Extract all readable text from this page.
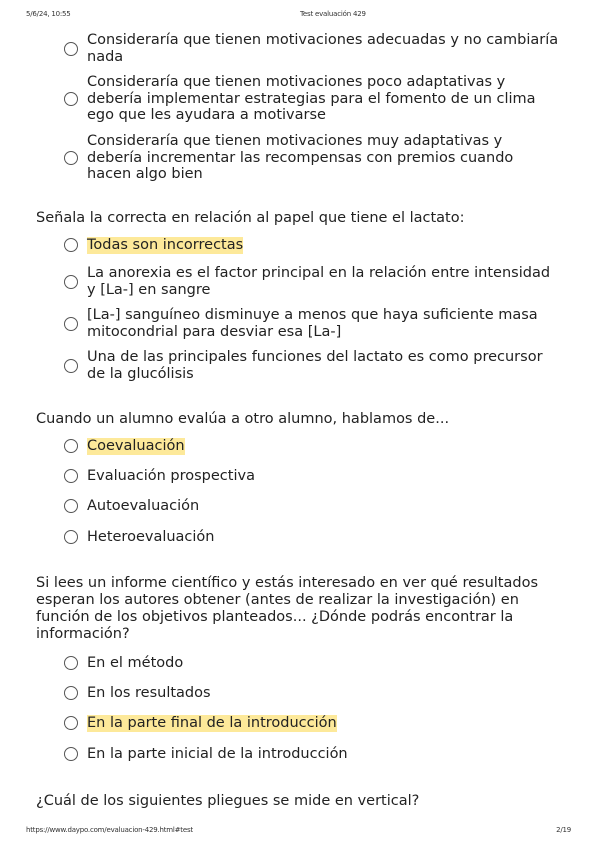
5/6/24, 10:55	Test evaluación 429
Consideraría que tienen motivaciones adecuadas y no cambiaría
nada
Consideraría que tienen motivaciones poco adaptativas y
debería implementar estrategias para el fomento de un clima
ego que les ayudara a motivarse
Consideraría que tienen motivaciones muy adaptativas y
debería incrementar las recompensas con premios cuando
hacen algo bien
Señala la correcta en relación al papel que tiene el lactato:
Todas son incorrectas
La anorexia es el factor principal en la relación entre intensidad
y [La-] en sangre
[La-] sanguíneo disminuye a menos que haya suficiente masa
mitocondrial para desviar esa [La-]
Una de las principales funciones del lactato es como precursor
de la glucólisis
Cuando un alumno evalúa a otro alumno, hablamos de...
Coevaluación
Evaluación prospectiva
Autoevaluación
Heteroevaluación
Si lees un informe científico y estás interesado en ver qué resultados
esperan los autores obtener (antes de realizar la investigación) en
función de los objetivos planteados... ¿Dónde podrás encontrar la
información?
En el método
En los resultados
En la parte final de la introducción
En la parte inicial de la introducción
¿Cuál de los siguientes pliegues se mide en vertical?
https://www.daypo.com/evaluacion-429.html#test	2/19
